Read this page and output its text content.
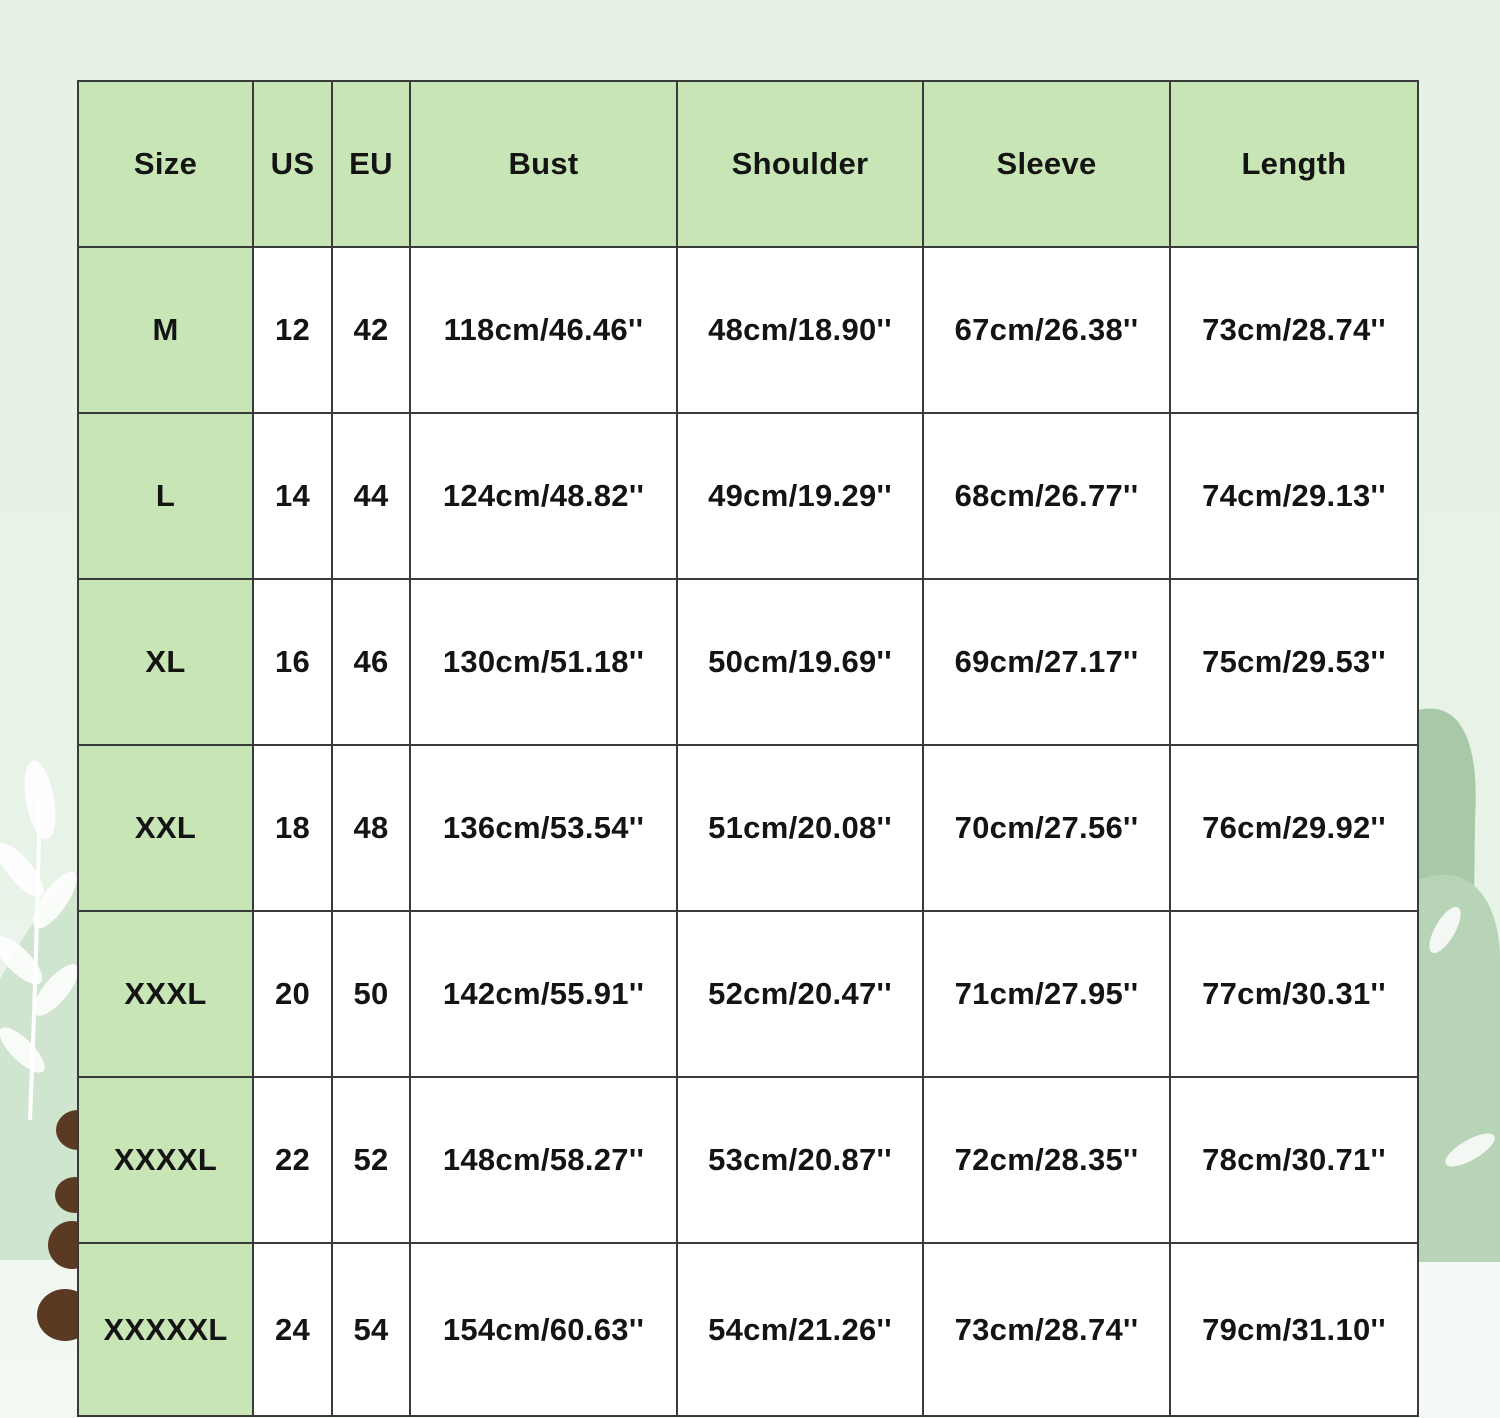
Size	US	EU	Bust	Shoulder	Sleeve	Length
M	12	42	118cm/46.46''	48cm/18.90''	67cm/26.38''	73cm/28.74''
L	14	44	124cm/48.82''	49cm/19.29''	68cm/26.77''	74cm/29.13''
XL	16	46	130cm/51.18''	50cm/19.69''	69cm/27.17''	75cm/29.53''
XXL	18	48	136cm/53.54''	51cm/20.08''	70cm/27.56''	76cm/29.92''
XXXL	20	50	142cm/55.91''	52cm/20.47''	71cm/27.95''	77cm/30.31''
XXXXL	22	52	148cm/58.27''	53cm/20.87''	72cm/28.35''	78cm/30.71''
XXXXXL	24	54	154cm/60.63''	54cm/21.26''	73cm/28.74''	79cm/31.10''
